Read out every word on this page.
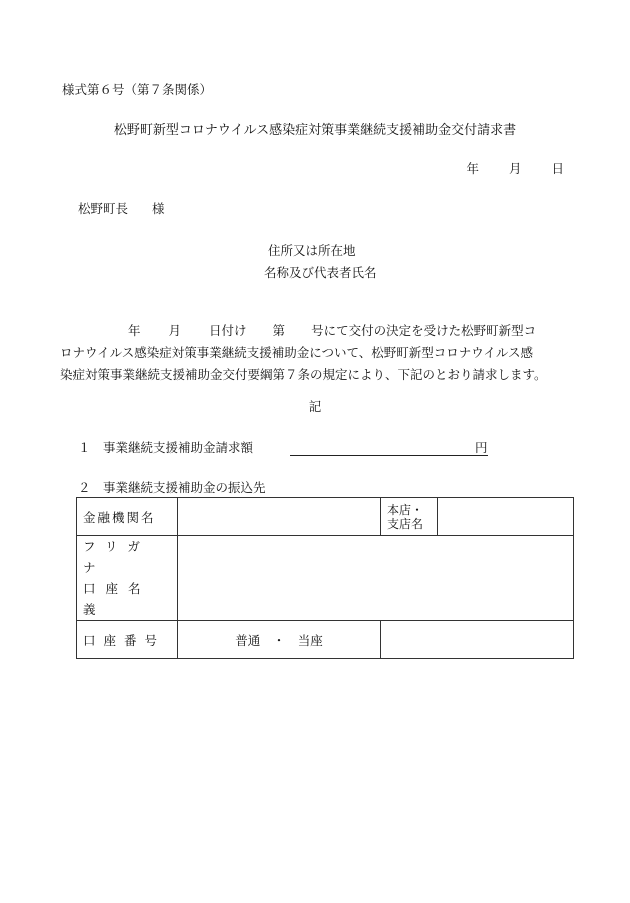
様式第６号（第７条関係）
松野町新型コロナウイルス感染症対策事業継続支援補助金交付請求書
年 月 日
松野町長 様
住所又は所在地
名称及び代表者氏名

年 月 日付け 第 号にて交付の決定を受けた松野町新型コ

ロナウイルス感染症対策事業継続支援補助金について、松野町新型コロナウイルス感

染症対策事業継続支援補助金交付要綱第７条の規定により、下記のとおり請求します。

記
１　事業継続支援補助金請求額	円
２　事業継続支援補助金の振込先
金融機関名		本店・
支店名	

フリガナ
口座名義			

口座番号	普通　・　当座		
